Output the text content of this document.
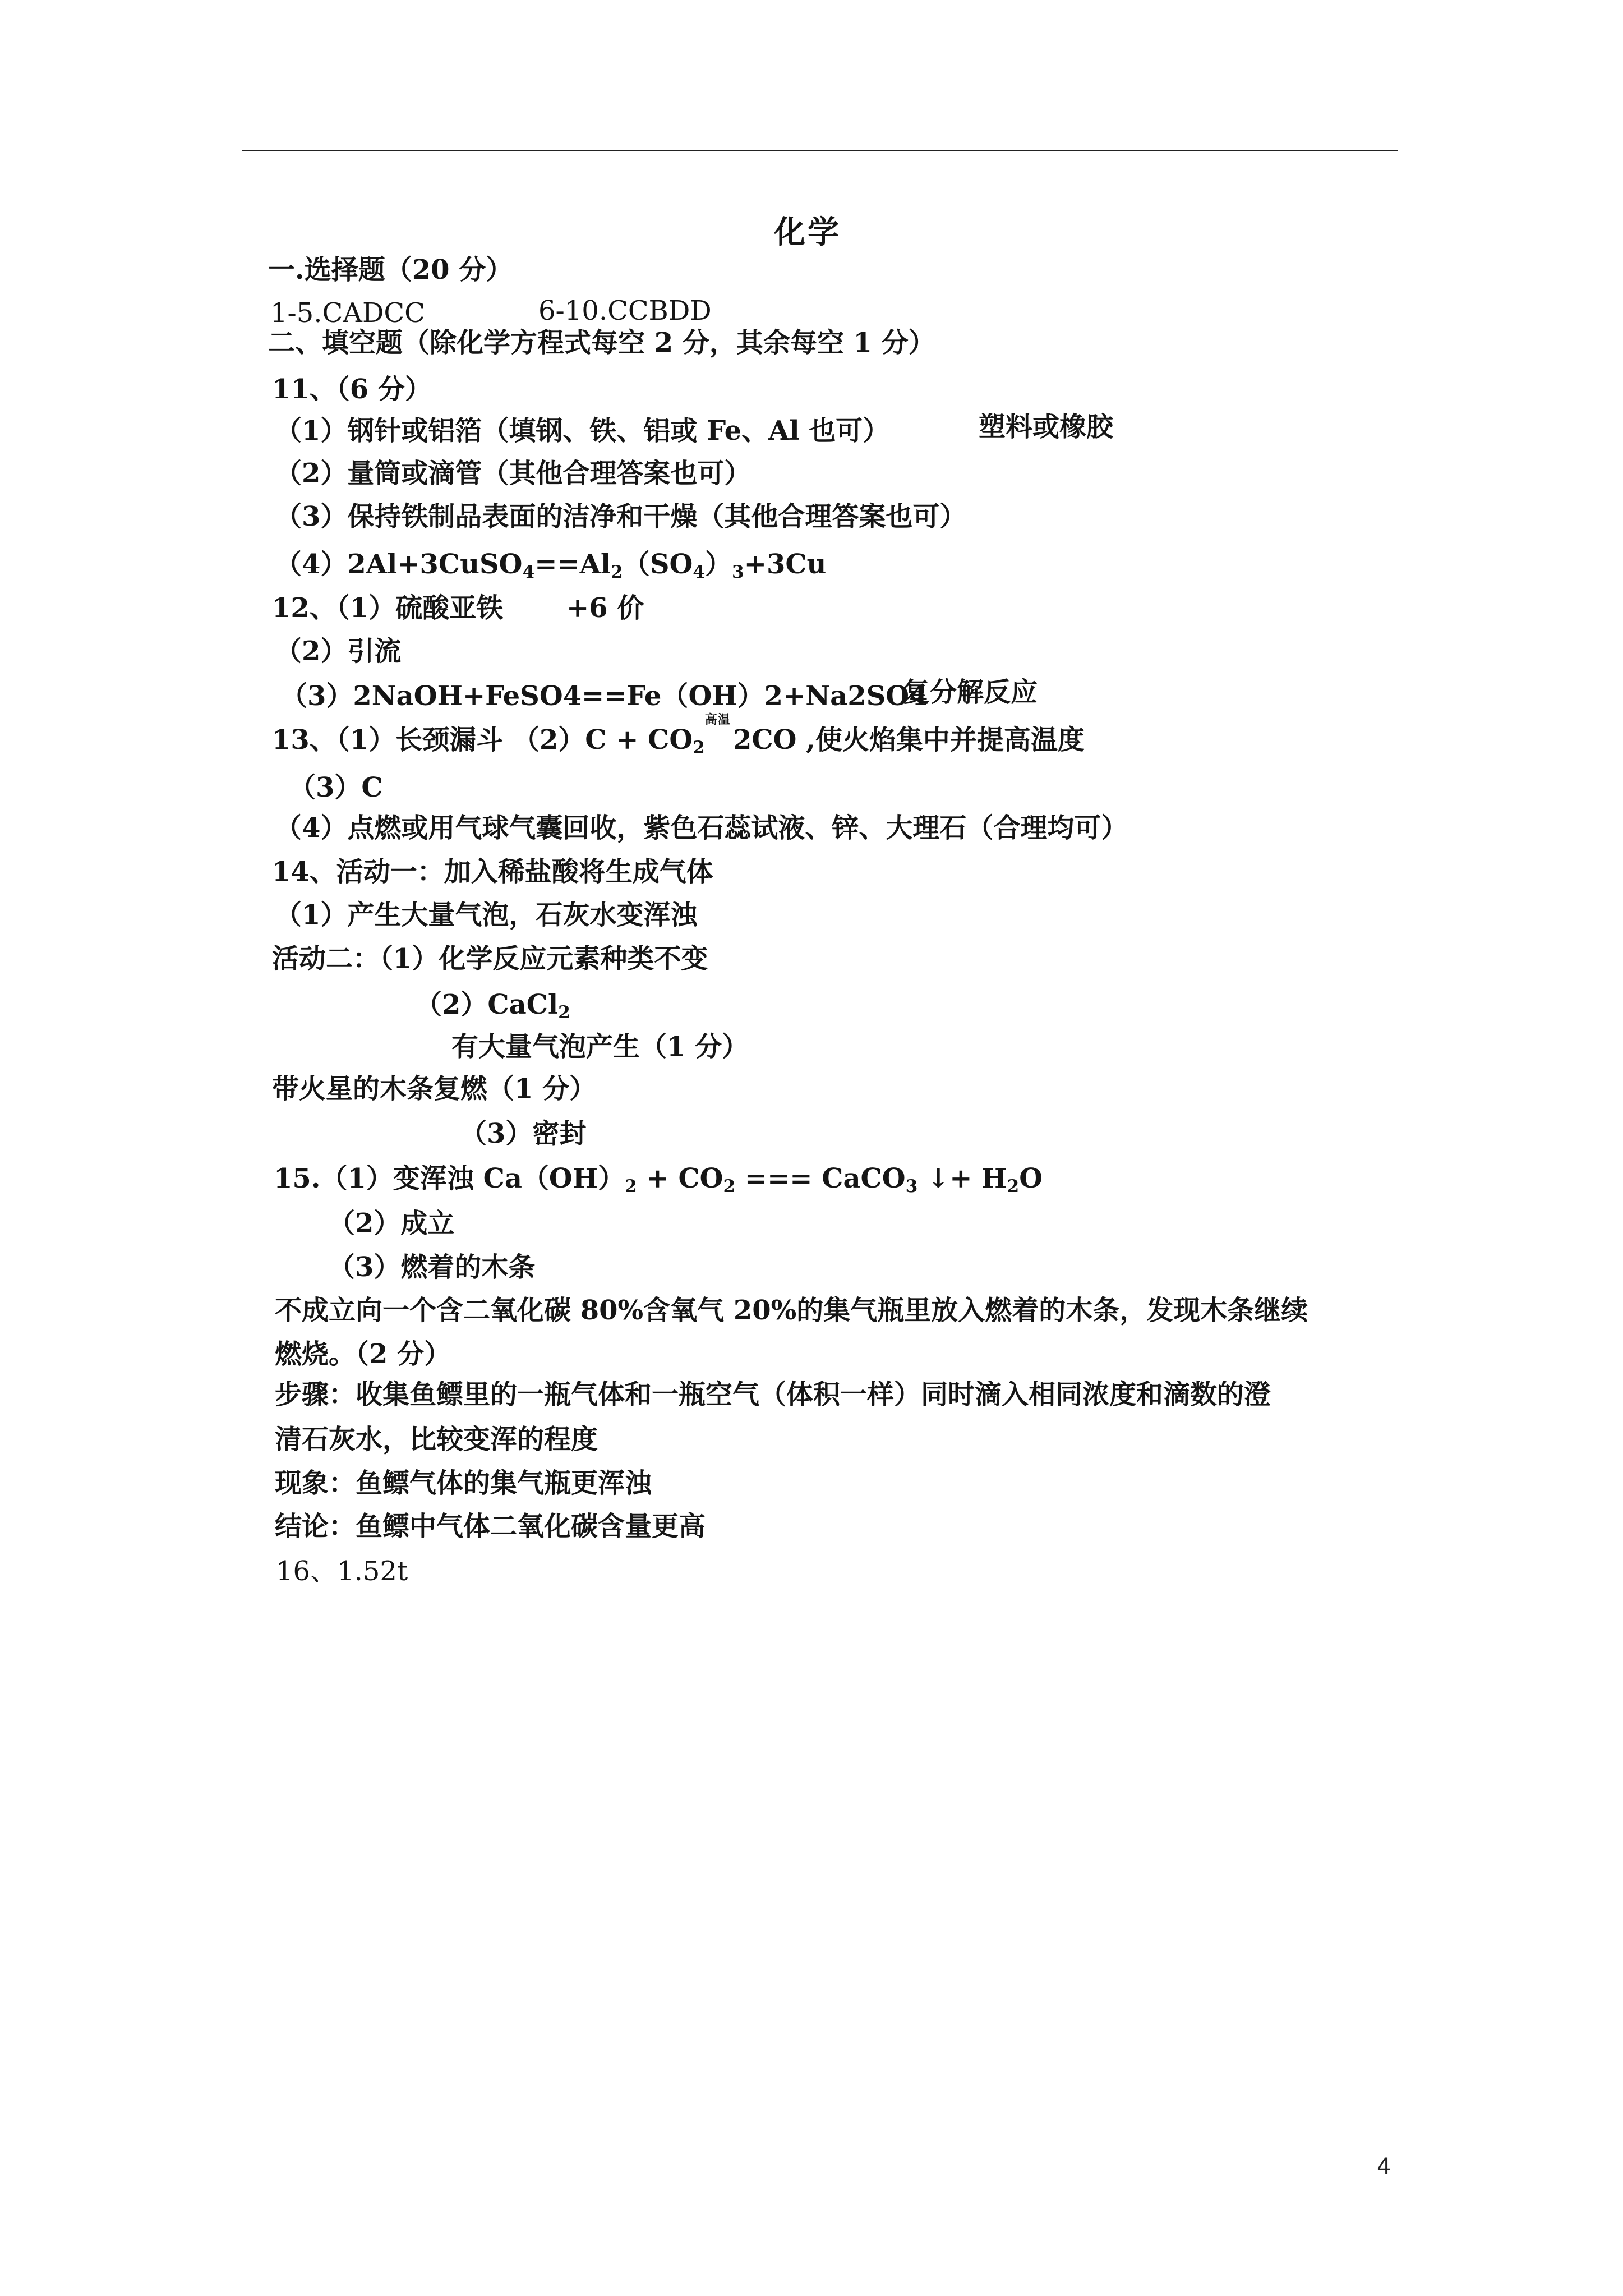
化学
一.选择题（20 分）
1-5.CADCC	6-10.CCBDD
二、填空题（除化学方程式每空 2 分，其余每空 1 分）
11、（6 分）
（1）钢针或铝箔（填钢、铁、铝或 Fe、Al 也可）	塑料或橡胶
（2）量筒或滴管（其他合理答案也可）
（3）保持铁制品表面的洁净和干燥（其他合理答案也可）
$(4)2Al+3CuSO_4==Al_2(SO_4)_3+3Cu$
12、（1）硫酸亚铁 +6 价
（2）引流
（3）2NaOH+FeSO4==Fe（OH）2+Na2SO4
复分解反应
13、（1）长颈漏斗 $(2)C + CO_2$
高温
2CO ,使火焰集中并提高温度
（3）C
（4）点燃或用气球气囊回收，紫色石蕊试液、锌、大理石（合理均可）
14、活动一：加入稀盐酸将生成气体
（1）产生大量气泡，石灰水变浑浊
活动二：（1）化学反应元素种类不变
（2）CaCl$_2$
有大量气泡产生（1 分）
带火星的木条复燃（1 分）
（3）密封
15.（1）变浑浊 $Ca(OH)_2 + CO_2$ === CaCO$_3$ ↓+ $H_2O$
（2）成立
（3）燃着的木条
不成立向一个含二氧化碳 80%含氧气 20%的集气瓶里放入燃着的木条，发现木条继续
燃烧。（2 分）
步骤：收集鱼鳔里的一瓶气体和一瓶空气（体积一样）同时滴入相同浓度和滴数的澄
清石灰水，比较变浑的程度
现象：鱼鳔气体的集气瓶更浑浊
结论：鱼鳔中气体二氧化碳含量更高
16、1.52t
4
